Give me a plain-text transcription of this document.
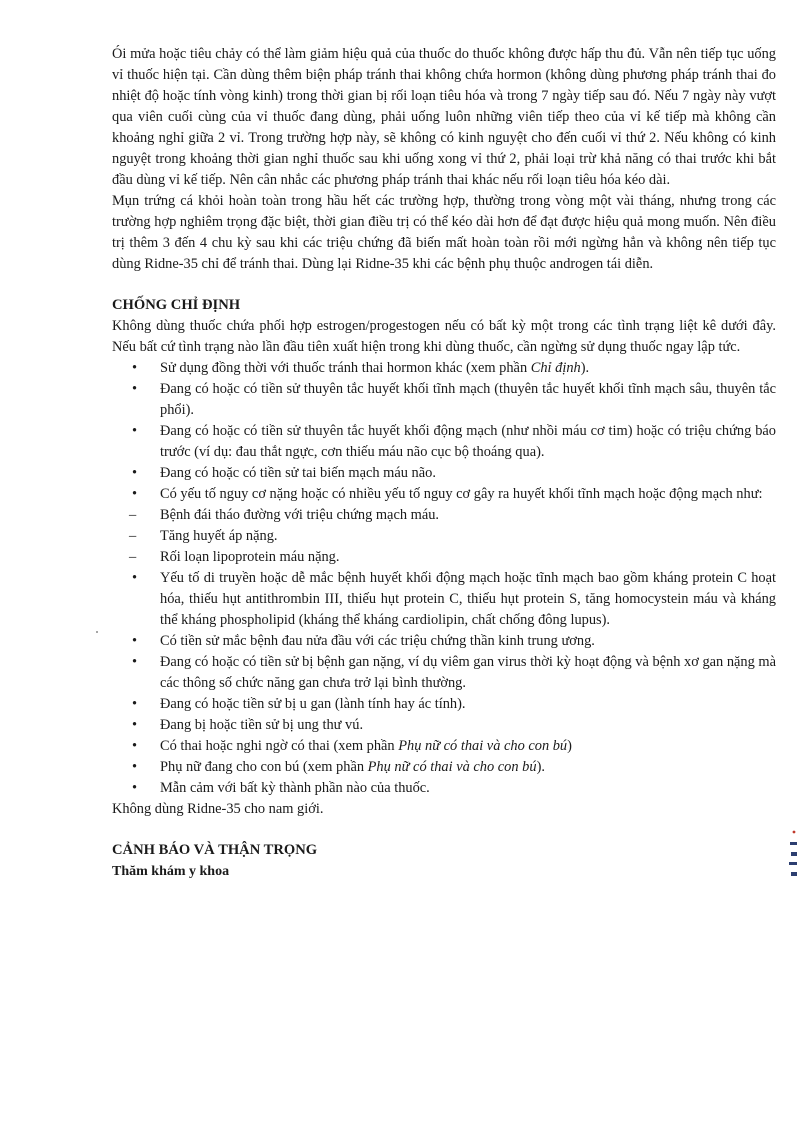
Ói mửa hoặc tiêu chảy có thể làm giảm hiệu quả của thuốc do thuốc không được hấp thu đủ. Vẫn nên tiếp tục uống vỉ thuốc hiện tại. Cần dùng thêm biện pháp tránh thai không chứa hormon (không dùng phương pháp tránh thai đo nhiệt độ hoặc tính vòng kinh) trong thời gian bị rối loạn tiêu hóa và trong 7 ngày tiếp sau đó. Nếu 7 ngày này vượt qua viên cuối cùng của vỉ thuốc đang dùng, phải uống luôn những viên tiếp theo của vỉ kế tiếp mà không cần khoảng nghỉ giữa 2 vỉ. Trong trường hợp này, sẽ không có kinh nguyệt cho đến cuối vỉ thứ 2. Nếu không có kinh nguyệt trong khoảng thời gian nghỉ thuốc sau khi uống xong vỉ thứ 2, phải loại trừ khả năng có thai trước khi bắt đầu dùng vỉ kế tiếp. Nên cân nhắc các phương pháp tránh thai khác nếu rối loạn tiêu hóa kéo dài.

Mụn trứng cá khỏi hoàn toàn trong hầu hết các trường hợp, thường trong vòng một vài tháng, nhưng trong các trường hợp nghiêm trọng đặc biệt, thời gian điều trị có thể kéo dài hơn để đạt được hiệu quả mong muốn. Nên điều trị thêm 3 đến 4 chu kỳ sau khi các triệu chứng đã biến mất hoàn toàn rồi mới ngừng hẳn và không nên tiếp tục dùng Ridne-35 chỉ để tránh thai. Dùng lại Ridne-35 khi các bệnh phụ thuộc androgen tái diễn.

CHỐNG CHỈ ĐỊNH

Không dùng thuốc chứa phối hợp estrogen/progestogen nếu có bất kỳ một trong các tình trạng liệt kê dưới đây. Nếu bất cứ tình trạng nào lần đầu tiên xuất hiện trong khi dùng thuốc, cần ngừng sử dụng thuốc ngay lập tức.

•	Sử dụng đồng thời với thuốc tránh thai hormon khác (xem phần Chỉ định).
•	Đang có hoặc có tiền sử thuyên tắc huyết khối tĩnh mạch (thuyên tắc huyết khối tĩnh mạch sâu, thuyên tắc phổi).
•	Đang có hoặc có tiền sử thuyên tắc huyết khối động mạch (như nhồi máu cơ tim) hoặc có triệu chứng báo trước (ví dụ: đau thắt ngực, cơn thiếu máu não cục bộ thoáng qua).
•	Đang có hoặc có tiền sử tai biến mạch máu não.
•	Có yếu tố nguy cơ nặng hoặc có nhiều yếu tố nguy cơ gây ra huyết khối tĩnh mạch hoặc động mạch như:
–	Bệnh đái tháo đường với triệu chứng mạch máu.
–	Tăng huyết áp nặng.
–	Rối loạn lipoprotein máu nặng.
•	Yếu tố di truyền hoặc dễ mắc bệnh huyết khối động mạch hoặc tĩnh mạch bao gồm kháng protein C hoạt hóa, thiếu hụt antithrombin III, thiếu hụt protein C, thiếu hụt protein S, tăng homocystein máu và kháng thể kháng phospholipid (kháng thể kháng cardiolipin, chất chống đông lupus).
•	Có tiền sử mắc bệnh đau nửa đầu với các triệu chứng thần kinh trung ương.
•	Đang có hoặc có tiền sử bị bệnh gan nặng, ví dụ viêm gan virus thời kỳ hoạt động và bệnh xơ gan nặng mà các thông số chức năng gan chưa trở lại bình thường.
•	Đang có hoặc tiền sử bị u gan (lành tính hay ác tính).
•	Đang bị hoặc tiền sử bị ung thư vú.
•	Có thai hoặc nghi ngờ có thai (xem phần Phụ nữ có thai và cho con bú)
•	Phụ nữ đang cho con bú (xem phần Phụ nữ có thai và cho con bú).
•	Mẫn cảm với bất kỳ thành phần nào của thuốc.

Không dùng Ridne-35 cho nam giới.

CẢNH BÁO VÀ THẬN TRỌNG

Thăm khám y khoa
